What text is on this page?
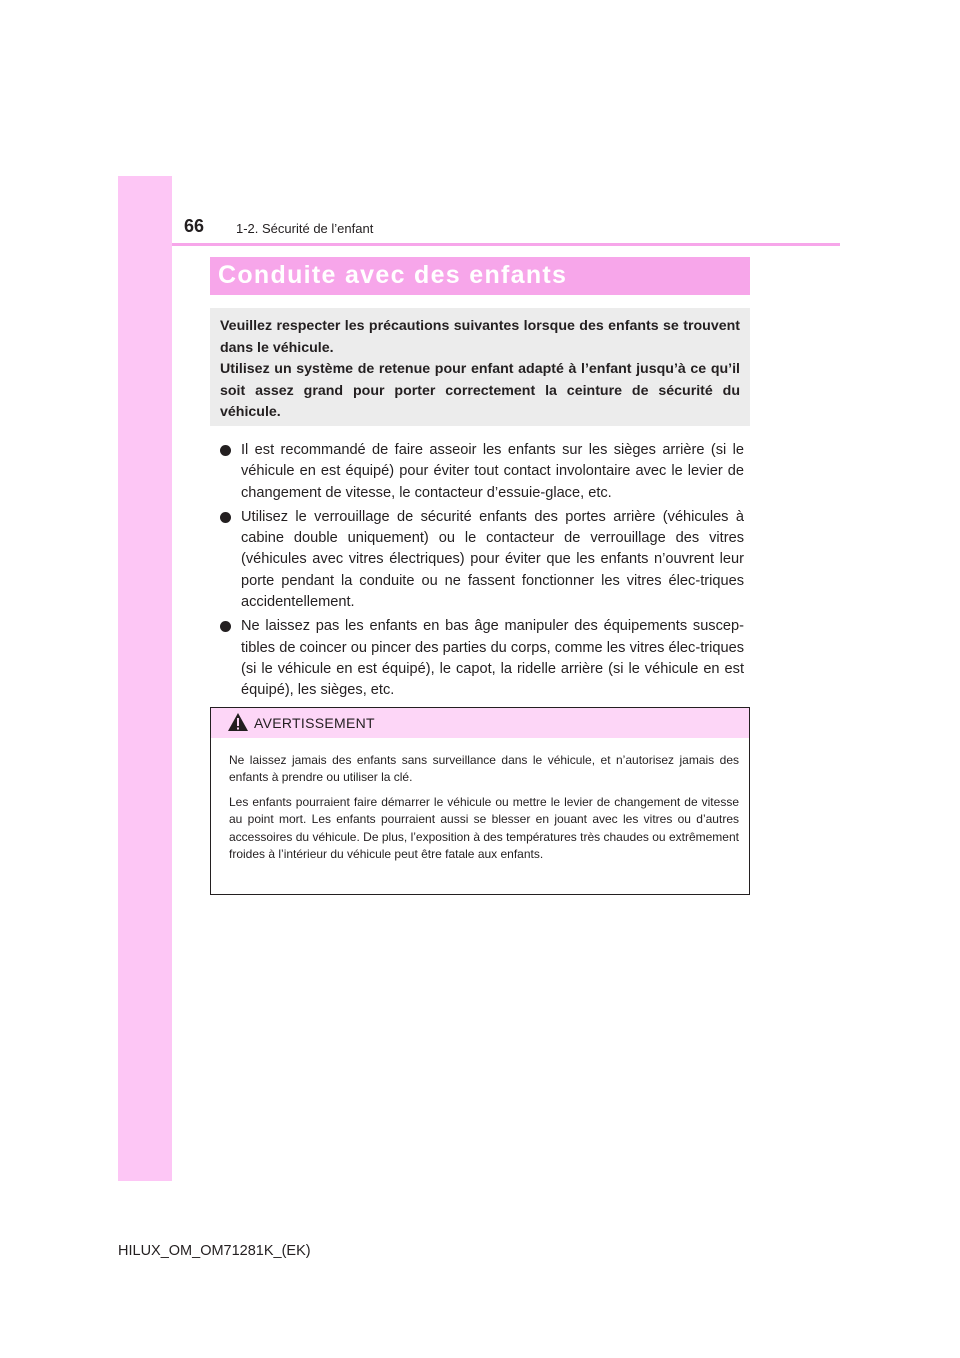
66 1-2. Sécurité de l’enfant
Conduite avec des enfants

Veuillez respecter les précautions suivantes lorsque des enfants se trouvent dans le véhicule.

Utilisez un système de retenue pour enfant adapté à l’enfant jusqu’à ce qu’il soit assez grand pour porter correctement la ceinture de sécurité du véhicule.

Il est recommandé de faire asseoir les enfants sur les sièges arrière (si le véhicule en est équipé) pour éviter tout contact involontaire avec le levier de changement de vitesse, le contacteur d’essuie-glace, etc.
Utilisez le verrouillage de sécurité enfants des portes arrière (véhicules à cabine double uniquement) ou le contacteur de verrouillage des vitres (véhicules avec vitres électriques) pour éviter que les enfants n’ouvrent leur porte pendant la conduite ou ne fassent fonctionner les vitres élec-triques accidentellement.
Ne laissez pas les enfants en bas âge manipuler des équipements suscep-tibles de coincer ou pincer des parties du corps, comme les vitres élec-triques (si le véhicule en est équipé), le capot, la ridelle arrière (si le véhicule en est équipé), les sièges, etc.
AVERTISSEMENT

Ne laissez jamais des enfants sans surveillance dans le véhicule, et n’autorisez jamais des enfants à prendre ou utiliser la clé.

Les enfants pourraient faire démarrer le véhicule ou mettre le levier de changement de vitesse au point mort. Les enfants pourraient aussi se blesser en jouant avec les vitres ou d’autres accessoires du véhicule. De plus, l’exposition à des températures très chaudes ou extrêmement froides à l’intérieur du véhicule peut être fatale aux enfants.

HILUX_OM_OM71281K_(EK)
